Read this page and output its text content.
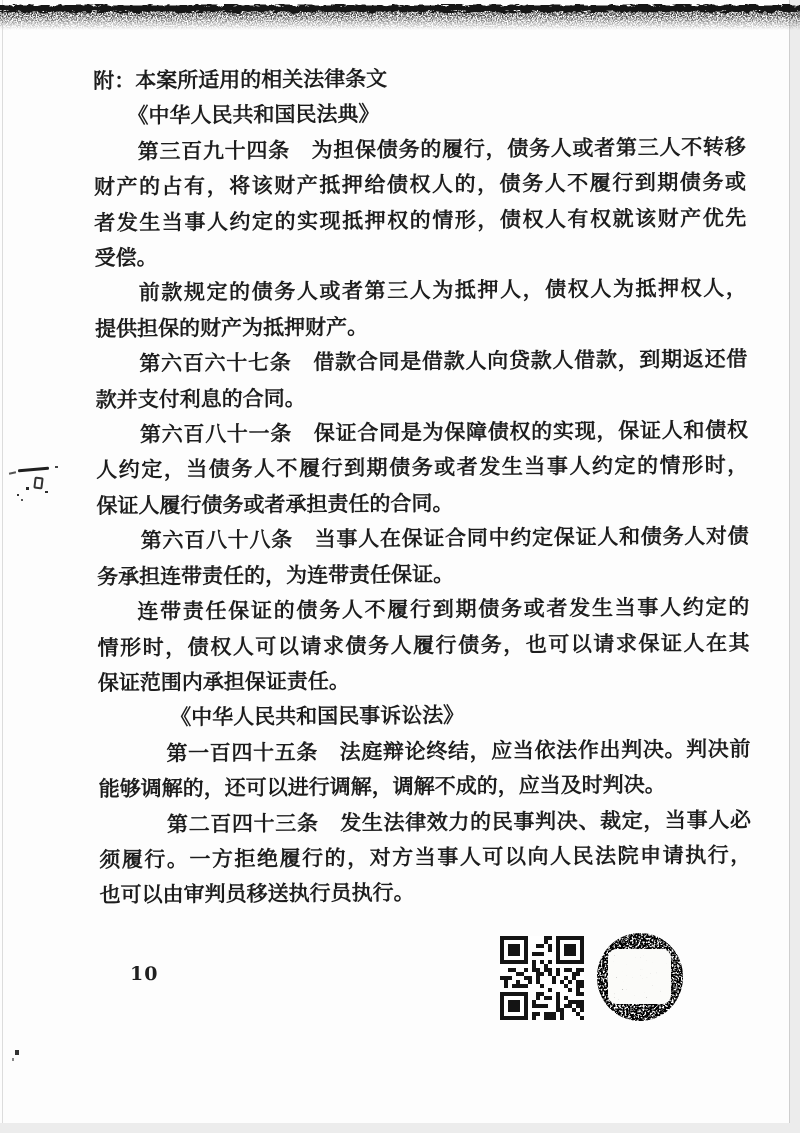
附：本案所适用的相关法律条文
《中华人民共和国民法典》
第三百九十四条　为担保债务的履行，债务人或者第三人不转移
财产的占有，将该财产抵押给债权人的，债务人不履行到期债务或
者发生当事人约定的实现抵押权的情形，债权人有权就该财产优先
受偿。
前款规定的债务人或者第三人为抵押人，债权人为抵押权人，
提供担保的财产为抵押财产。
第六百六十七条　借款合同是借款人向贷款人借款，到期返还借
款并支付利息的合同。
第六百八十一条　保证合同是为保障债权的实现，保证人和债权
人约定，当债务人不履行到期债务或者发生当事人约定的情形时，
保证人履行债务或者承担责任的合同。
第六百八十八条　当事人在保证合同中约定保证人和债务人对债
务承担连带责任的，为连带责任保证。
连带责任保证的债务人不履行到期债务或者发生当事人约定的
情形时，债权人可以请求债务人履行债务，也可以请求保证人在其
保证范围内承担保证责任。
《中华人民共和国民事诉讼法》
第一百四十五条　法庭辩论终结，应当依法作出判决。判决前
能够调解的，还可以进行调解，调解不成的，应当及时判决。
第二百四十三条　发生法律效力的民事判决、裁定，当事人必
须履行。一方拒绝履行的，对方当事人可以向人民法院申请执行，
也可以由审判员移送执行员执行。
10
